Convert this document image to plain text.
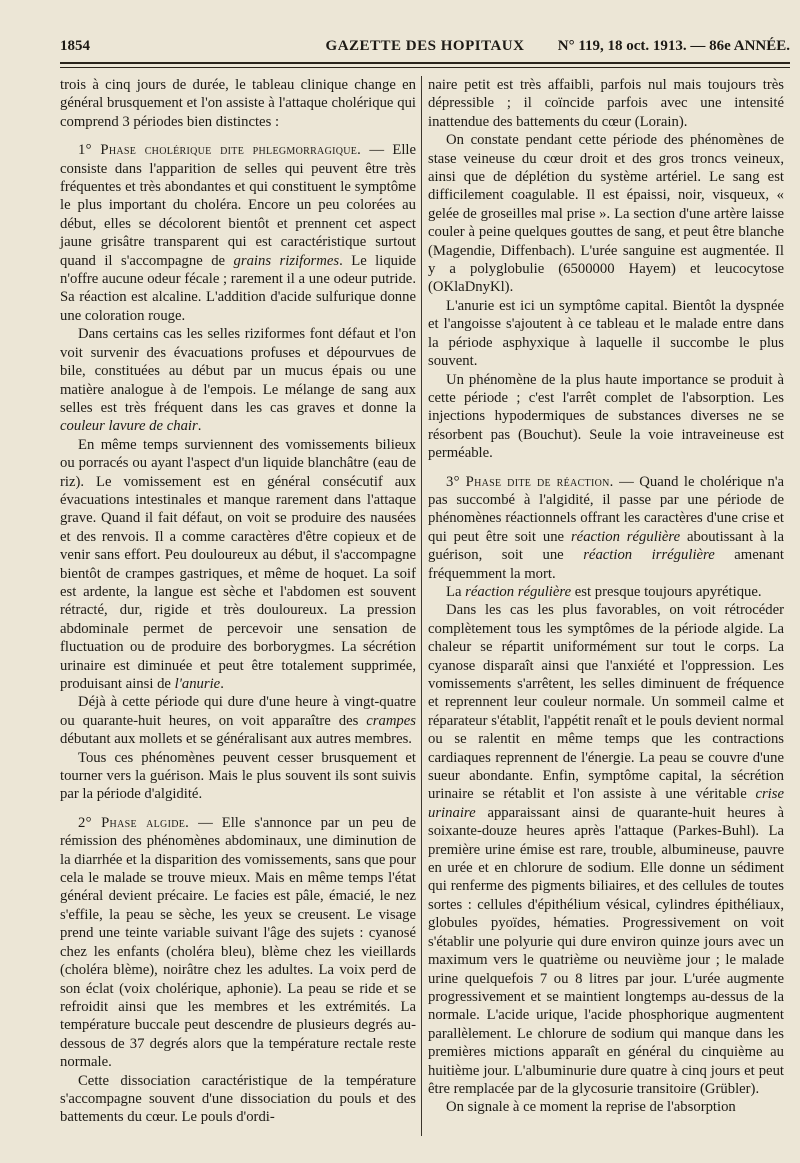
1854	GAZETTE DES HOPITAUX	N° 119, 18 oct. 1913. — 86e ANNÉE.

trois à cinq jours de durée, le tableau clinique change en général brusquement et l'on assiste à l'attaque cholérique qui comprend 3 périodes bien distinctes :

1° Phase cholérique dite phlegmorragique. — Elle consiste dans l'apparition de selles qui peuvent être très fréquentes et très abondantes et qui constituent le symptôme le plus important du choléra. Encore un peu colorées au début, elles se décolorent bientôt et prennent cet aspect jaune grisâtre transparent qui est caractéristique surtout quand il s'accompagne de grains riziformes. Le liquide n'offre aucune odeur fécale ; rarement il a une odeur putride. Sa réaction est alcaline. L'addition d'acide sulfurique donne une coloration rouge.

Dans certains cas les selles riziformes font défaut et l'on voit survenir des évacuations profuses et dépourvues de bile, constituées au début par un mucus épais ou une matière analogue à de l'empois. Le mélange de sang aux selles est très fréquent dans les cas graves et donne la couleur lavure de chair.

En même temps surviennent des vomissements bilieux ou porracés ou ayant l'aspect d'un liquide blanchâtre (eau de riz). Le vomissement est en général consécutif aux évacuations intestinales et manque rarement dans l'attaque grave. Quand il fait défaut, on voit se produire des nausées et des renvois. Il a comme caractères d'être copieux et de venir sans effort. Peu douloureux au début, il s'accompagne bientôt de crampes gastriques, et même de hoquet. La soif est ardente, la langue est sèche et l'abdomen est souvent rétracté, dur, rigide et très douloureux. La pression abdominale permet de percevoir une sensation de fluctuation ou de produire des borborygmes. La sécrétion urinaire est diminuée et peut être totalement supprimée, produisant ainsi de l'anurie.

Déjà à cette période qui dure d'une heure à vingt-quatre ou quarante-huit heures, on voit apparaître des crampes débutant aux mollets et se généralisant aux autres membres.

Tous ces phénomènes peuvent cesser brusquement et tourner vers la guérison. Mais le plus souvent ils sont suivis par la période d'algidité.

2° Phase algide. — Elle s'annonce par un peu de rémission des phénomènes abdominaux, une diminution de la diarrhée et la disparition des vomissements, sans que pour cela le malade se trouve mieux. Mais en même temps l'état général devient précaire. Le facies est pâle, émacié, le nez s'effile, la peau se sèche, les yeux se creusent. Le visage prend une teinte variable suivant l'âge des sujets : cyanosé chez les enfants (choléra bleu), blème chez les vieillards (choléra blème), noirâtre chez les adultes. La voix perd de son éclat (voix cholérique, aphonie). La peau se ride et se refroidit ainsi que les membres et les extrémités. La température buccale peut descendre de plusieurs degrés au-dessous de 37 degrés alors que la température rectale reste normale.

Cette dissociation caractéristique de la température s'accompagne souvent d'une dissociation du pouls et des battements du cœur. Le pouls d'ordi-

naire petit est très affaibli, parfois nul mais toujours très dépressible ; il coïncide parfois avec une intensité inattendue des battements du cœur (Lorain).

On constate pendant cette période des phénomènes de stase veineuse du cœur droit et des gros troncs veineux, ainsi que de déplétion du système artériel. Le sang est difficilement coagulable. Il est épaissi, noir, visqueux, « gelée de groseilles mal prise ». La section d'une artère laisse couler à peine quelques gouttes de sang, et peut être blanche (Magendie, Diffenbach). L'urée sanguine est augmentée. Il y a polyglobulie (6500000 Hayem) et leucocytose (OKlaDnyKl).

L'anurie est ici un symptôme capital. Bientôt la dyspnée et l'angoisse s'ajoutent à ce tableau et le malade entre dans la période asphyxique à laquelle il succombe le plus souvent.

Un phénomène de la plus haute importance se produit à cette période ; c'est l'arrêt complet de l'absorption. Les injections hypodermiques de substances diverses ne se résorbent pas (Bouchut). Seule la voie intraveineuse est perméable.

3° Phase dite de réaction. — Quand le cholérique n'a pas succombé à l'algidité, il passe par une période de phénomènes réactionnels offrant les caractères d'une crise et qui peut être soit une réaction régulière aboutissant à la guérison, soit une réaction irrégulière amenant fréquemment la mort.

La réaction régulière est presque toujours apyrétique.

Dans les cas les plus favorables, on voit rétrocéder complètement tous les symptômes de la période algide. La chaleur se répartit uniformément sur tout le corps. La cyanose disparaît ainsi que l'anxiété et l'oppression. Les vomissements s'arrêtent, les selles diminuent de fréquence et reprennent leur couleur normale. Un sommeil calme et réparateur s'établit, l'appétit renaît et le pouls devient normal ou se ralentit en même temps que les contractions cardiaques reprennent de l'énergie. La peau se couvre d'une sueur abondante. Enfin, symptôme capital, la sécrétion urinaire se rétablit et l'on assiste à une véritable crise urinaire apparaissant ainsi de quarante-huit heures à soixante-douze heures après l'attaque (Parkes-Buhl). La première urine émise est rare, trouble, albumineuse, pauvre en urée et en chlorure de sodium. Elle donne un sédiment qui renferme des pigments biliaires, et des cellules de toutes sortes : cellules d'épithélium vésical, cylindres épithéliaux, globules pyoïdes, hématies. Progressivement on voit s'établir une polyurie qui dure environ quinze jours avec un maximum vers le quatrième ou neuvième jour ; le malade urine quelquefois 7 ou 8 litres par jour. L'urée augmente progressivement et se maintient longtemps au-dessus de la normale. L'acide urique, l'acide phosphorique augmentent parallèlement. Le chlorure de sodium qui manque dans les premières mictions apparaît en général du cinquième au huitième jour. L'albuminurie dure quatre à cinq jours et peut être remplacée par de la glycosurie transitoire (Grübler).

On signale à ce moment la reprise de l'absorption
